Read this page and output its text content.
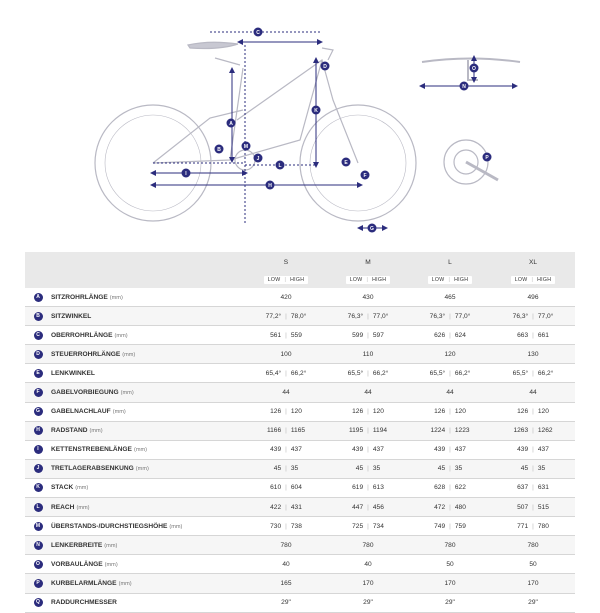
A
B
C
D
E
F
G
H
I
J
K
L
M
N
O
P
		S	M	L	XL
		LOW | HIGH	LOW | HIGH	LOW | HIGH	LOW | HIGH
A	SITZROHRLÄNGE (mm)	420	430	465	496
B	SITZWINKEL	77,2° | 78,0°	76,3° | 77,0°	76,3° | 77,0°	76,3° | 77,0°
C	OBERROHRLÄNGE (mm)	561 | 559	599 | 597	626 | 624	663 | 661
D	STEUERROHRLÄNGE (mm)	100	110	120	130
E	LENKWINKEL	65,4° | 66,2°	65,5° | 66,2°	65,5° | 66,2°	65,5° | 66,2°
F	GABELVORBIEGUNG (mm)	44	44	44	44
G	GABELNACHLAUF (mm)	126 | 120	126 | 120	126 | 120	126 | 120
H	RADSTAND (mm)	1166 | 1165	1195 | 1194	1224 | 1223	1263 | 1262
I	KETTENSTREBENLÄNGE (mm)	439 | 437	439 | 437	439 | 437	439 | 437
J	TRETLAGERABSENKUNG (mm)	45 | 35	45 | 35	45 | 35	45 | 35
K	STACK (mm)	610 | 604	619 | 613	628 | 622	637 | 631
L	REACH (mm)	422 | 431	447 | 456	472 | 480	507 | 515
M	ÜBERSTANDS-/DURCHSTIEGSHÖHE (mm)	730 | 738	725 | 734	749 | 759	771 | 780
N	LENKERBREITE (mm)	780	780	780	780
O	VORBAULÄNGE (mm)	40	40	50	50
P	KURBELARMLÄNGE (mm)	165	170	170	170
Q	RADDURCHMESSER	29"	29"	29"	29"
